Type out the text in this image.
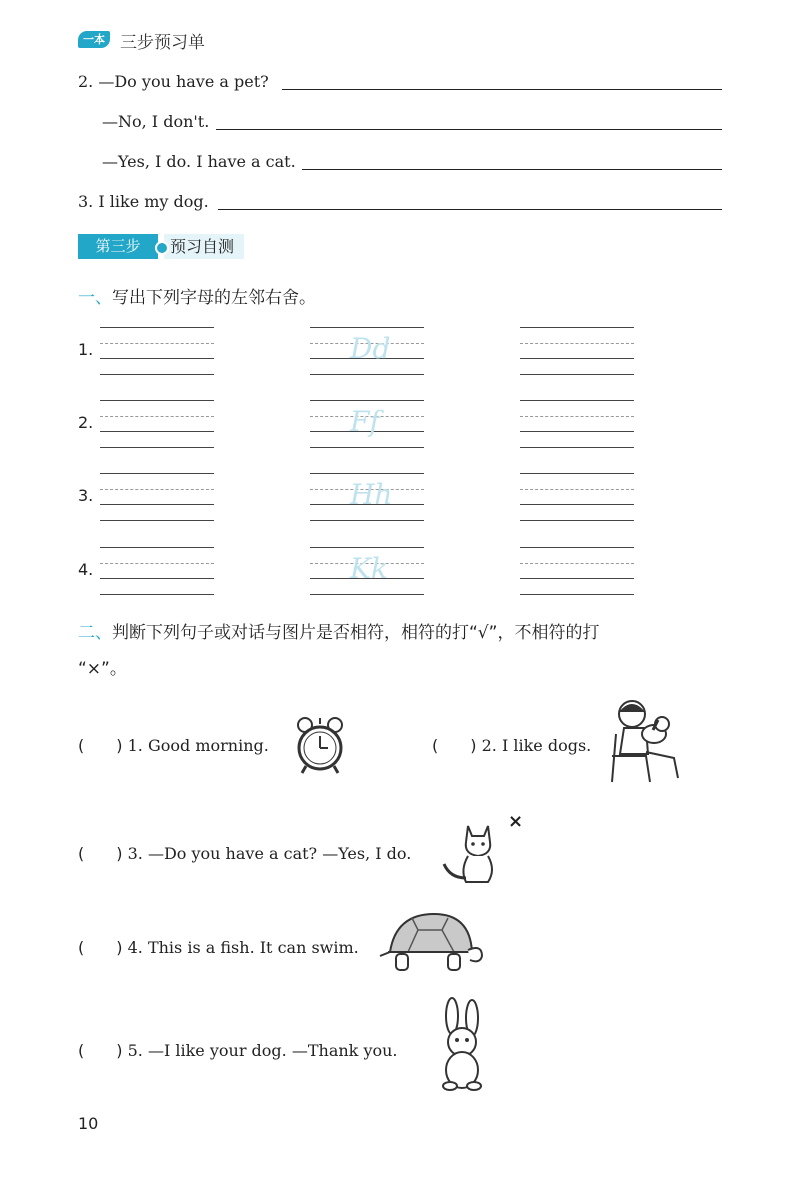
一本 三步预习单
2. —Do you have a pet?
—No, I don't.
—Yes, I do. I have a cat.
3. I like my dog.
第三步	预习自测
一、写出下列字母的左邻右舍。
1.	Dd
2.	Ff
3.	Hh
4.	Kk
二、判断下列句子或对话与图片是否相符，相符的打“√”，不相符的打
“×”。
(　　) 1. Good morning.	(　　) 2. I like dogs.
(　　) 3. —Do you have a cat? —Yes, I do.
×
(　　) 4. This is a fish. It can swim.
(　　) 5. —I like your dog. —Thank you.
10
